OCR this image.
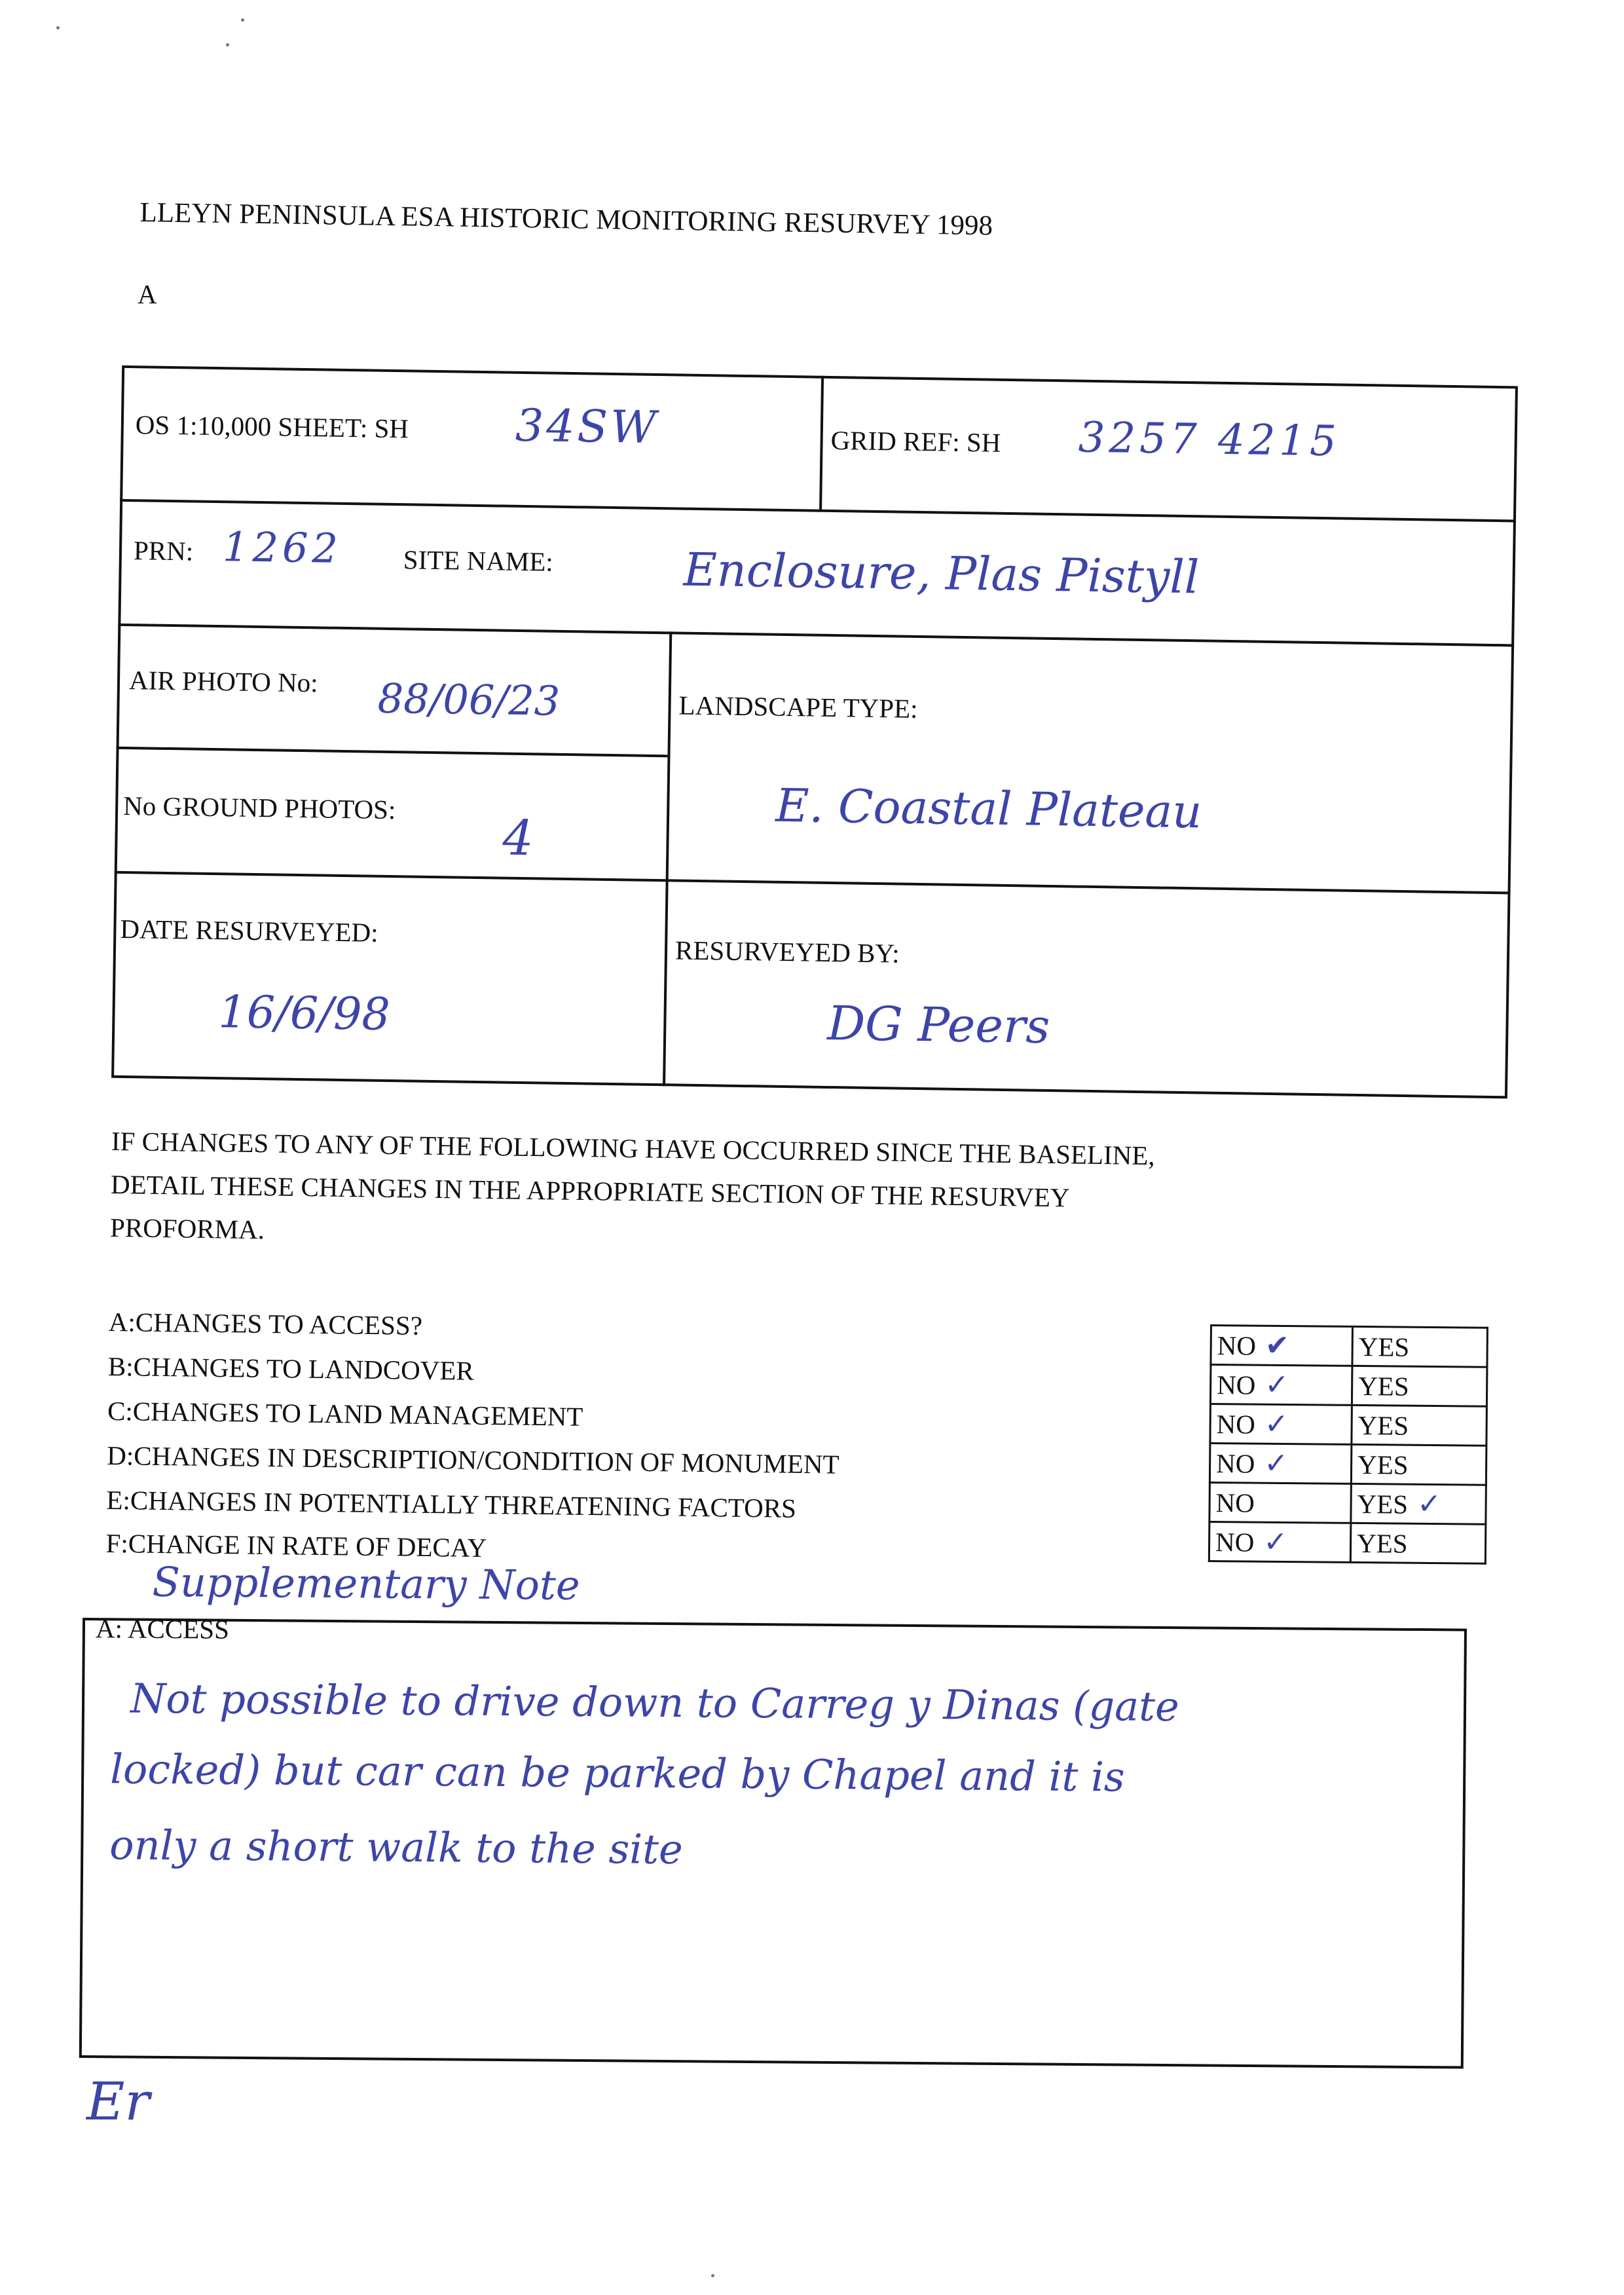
LLEYN PENINSULA ESA HISTORIC MONITORING RESURVEY 1998
A
OS 1:10,000 SHEET: SH 34SW	GRID REF: SH 3257 4215
PRN: 1262 SITE NAME:	Enclosure, Plas Pistyll
AIR PHOTO No: 88/06/23	LANDSCAPE TYPE:
E. Coastal Plateau
No GROUND PHOTOS:
4
DATE RESURVEYED:
16/6/98
RESURVEYED BY:
DG Peers
IF CHANGES TO ANY OF THE FOLLOWING HAVE OCCURRED SINCE THE BASELINE,
DETAIL THESE CHANGES IN THE APPROPRIATE SECTION OF THE RESURVEY
PROFORMA.
A:CHANGES TO ACCESS?
B:CHANGES TO LANDCOVER
C:CHANGES TO LAND MANAGEMENT
D:CHANGES IN DESCRIPTION/CONDITION OF MONUMENT
E:CHANGES IN POTENTIALLY THREATENING FACTORS
F:CHANGE IN RATE OF DECAY
NO ✔	YES
NO ✓	YES
NO ✓	YES
NO ✓	YES
NO	YES ✓
NO ✓	YES
Supplementary Note
A: ACCESS
Not possible to drive down to Carreg y Dinas (gate
locked) but car can be parked by Chapel and it is
only a short walk to the site
Er
